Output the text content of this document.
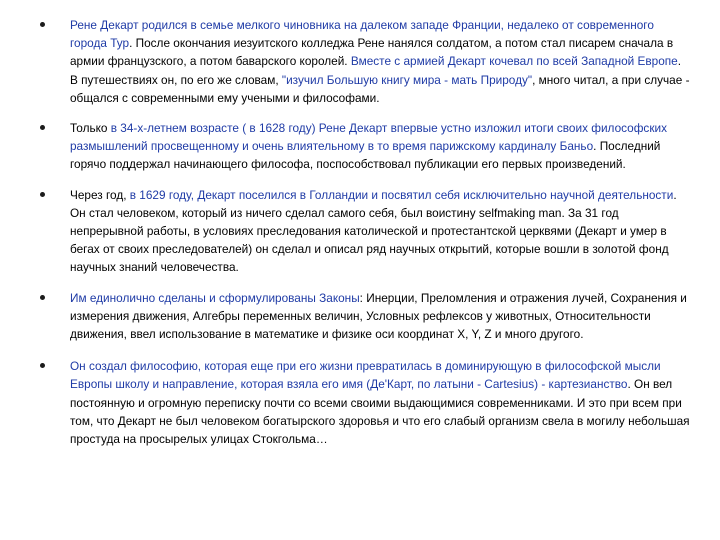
Рене Декарт родился в семье мелкого чиновника на далеком западе Франции, недалеко от современного города Тур. После окончания иезуитского колледжа Рене нанялся солдатом, а потом стал писарем сначала в армии французского, а потом баварского королей. Вместе с армией Декарт кочевал по всей Западной Европе. В путешествиях он, по его же словам, "изучил Большую книгу мира - мать Природу", много читал, а при случае - общался с современными ему учеными и философами.
Только в 34-х-летнем возрасте ( в 1628 году) Рене Декарт впервые устно изложил итоги своих философских размышлений просвещенному и очень влиятельному в то время парижскому кардиналу Баньо. Последний горячо поддержал начинающего философа, поспособствовал публикации его первых произведений.
Через год, в 1629 году, Декарт поселился в Голландии и посвятил себя исключительно научной деятельности. Он стал человеком, который из ничего сделал самого себя, был воистину selfmaking man. За 31 год непрерывной работы, в условиях преследования католической и протестантской церквями (Декарт и умер в бегах от своих преследователей) он сделал и описал ряд научных открытий, которые вошли в золотой фонд научных знаний человечества.
Им единолично сделаны и сформулированы Законы: Инерции, Преломления и отражения лучей, Сохранения и измерения движения, Алгебры переменных величин, Условных рефлексов у животных, Относительности движения, ввел использование в математике и физике оси координат X, Y, Z и много другого.
Он создал философию, которая еще при его жизни превратилась в доминирующую в философской мысли Европы школу и направление, которая взяла его имя (Де'Карт, по латыни - Cartesius) - картезианство. Он вел постоянную и огромную переписку почти со всеми своими выдающимися современниками. И это при всем при том, что Декарт не был человеком богатырского здоровья и что его слабый организм свела в могилу небольшая простуда на просырелых улицах Стокгольма…
